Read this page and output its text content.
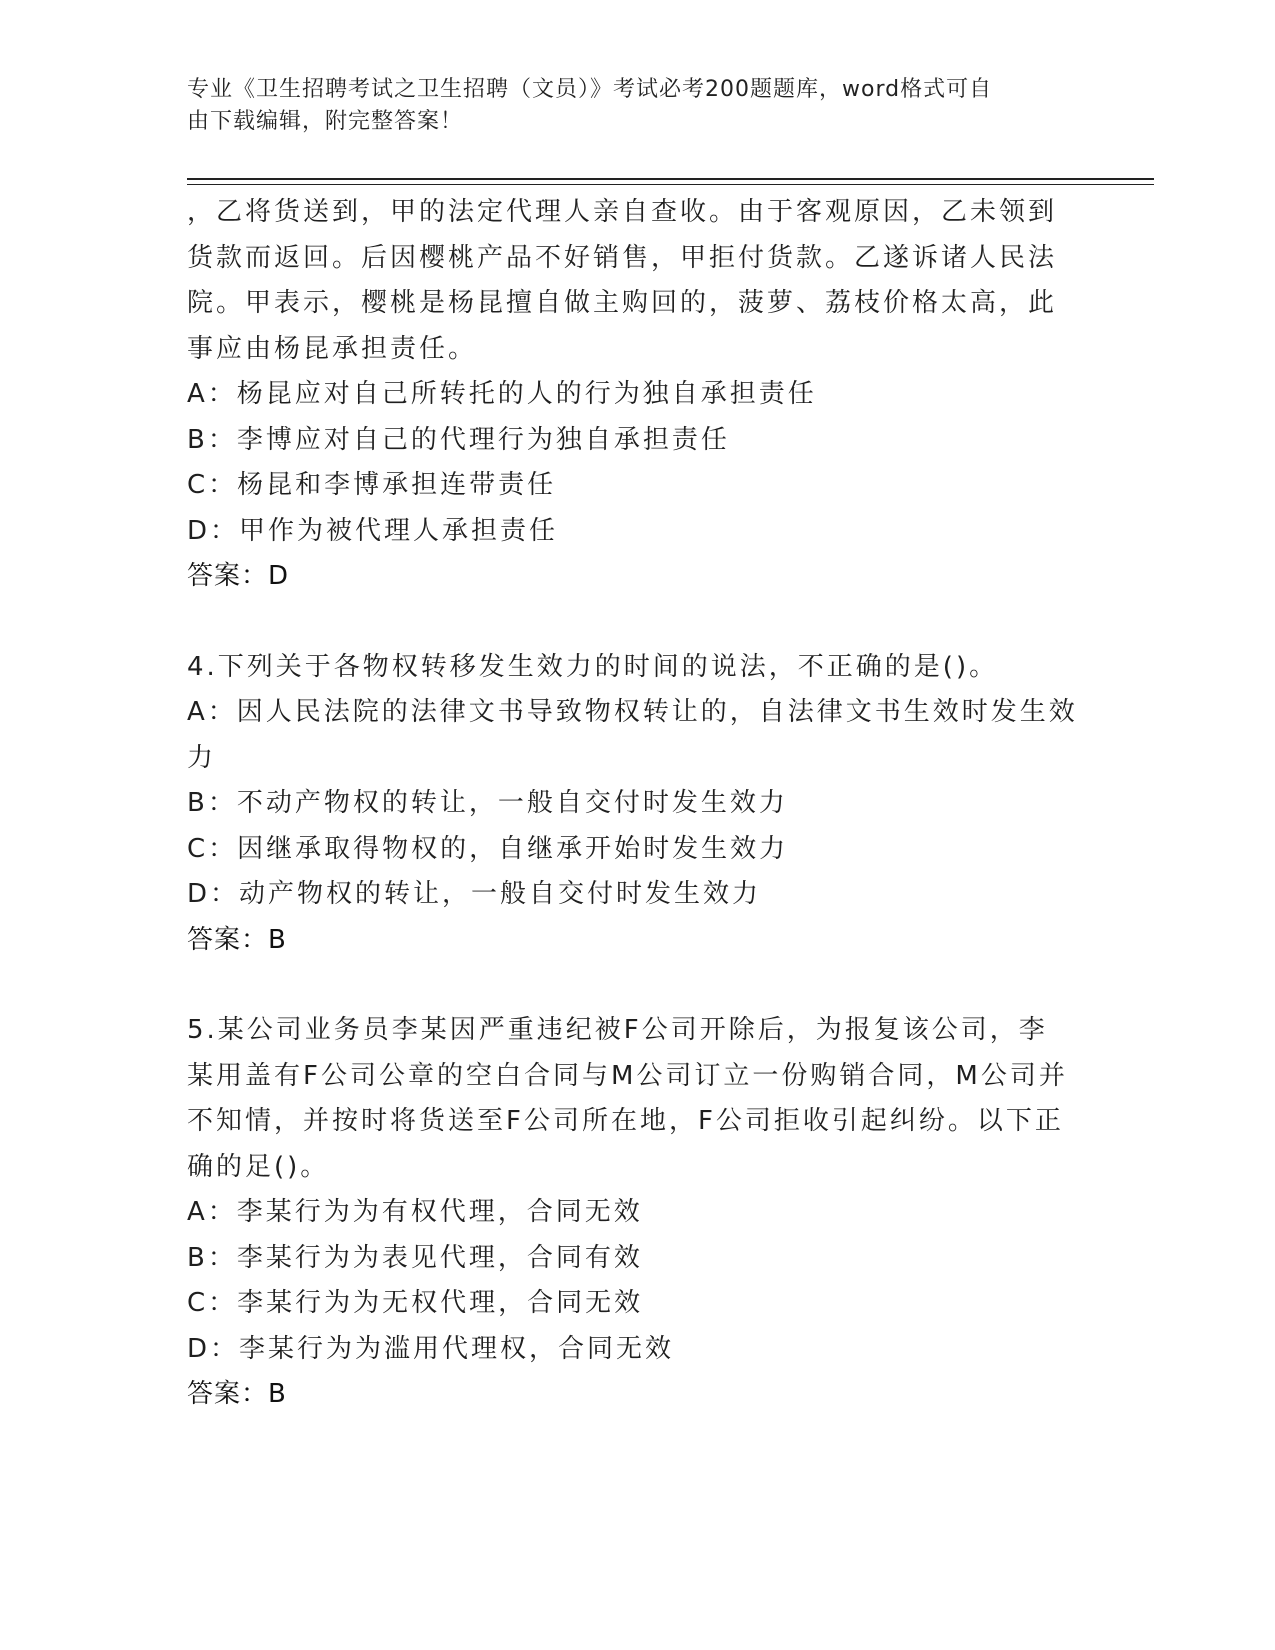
专业《卫生招聘考试之卫生招聘（文员）》考试必考200题题库，word格式可自
由下载编辑，附完整答案！
，乙将货送到，甲的法定代理人亲自查收。由于客观原因，乙未领到
货款而返回。后因樱桃产品不好销售，甲拒付货款。乙遂诉诸人民法
院。甲表示，樱桃是杨昆擅自做主购回的，菠萝、荔枝价格太高，此
事应由杨昆承担责任。
A：杨昆应对自己所转托的人的行为独自承担责任
B：李博应对自己的代理行为独自承担责任
C：杨昆和李博承担连带责任
D：甲作为被代理人承担责任
答案：D
4.下列关于各物权转移发生效力的时间的说法，不正确的是()。
A：因人民法院的法律文书导致物权转让的，自法律文书生效时发生效
力
B：不动产物权的转让，一般自交付时发生效力
C：因继承取得物权的，自继承开始时发生效力
D：动产物权的转让，一般自交付时发生效力
答案：B
5.某公司业务员李某因严重违纪被F公司开除后，为报复该公司，李
某用盖有F公司公章的空白合同与M公司订立一份购销合同，M公司并
不知情，并按时将货送至F公司所在地，F公司拒收引起纠纷。以下正
确的足()。
A：李某行为为有权代理，合同无效
B：李某行为为表见代理，合同有效
C：李某行为为无权代理，合同无效
D：李某行为为滥用代理权，合同无效
答案：B
